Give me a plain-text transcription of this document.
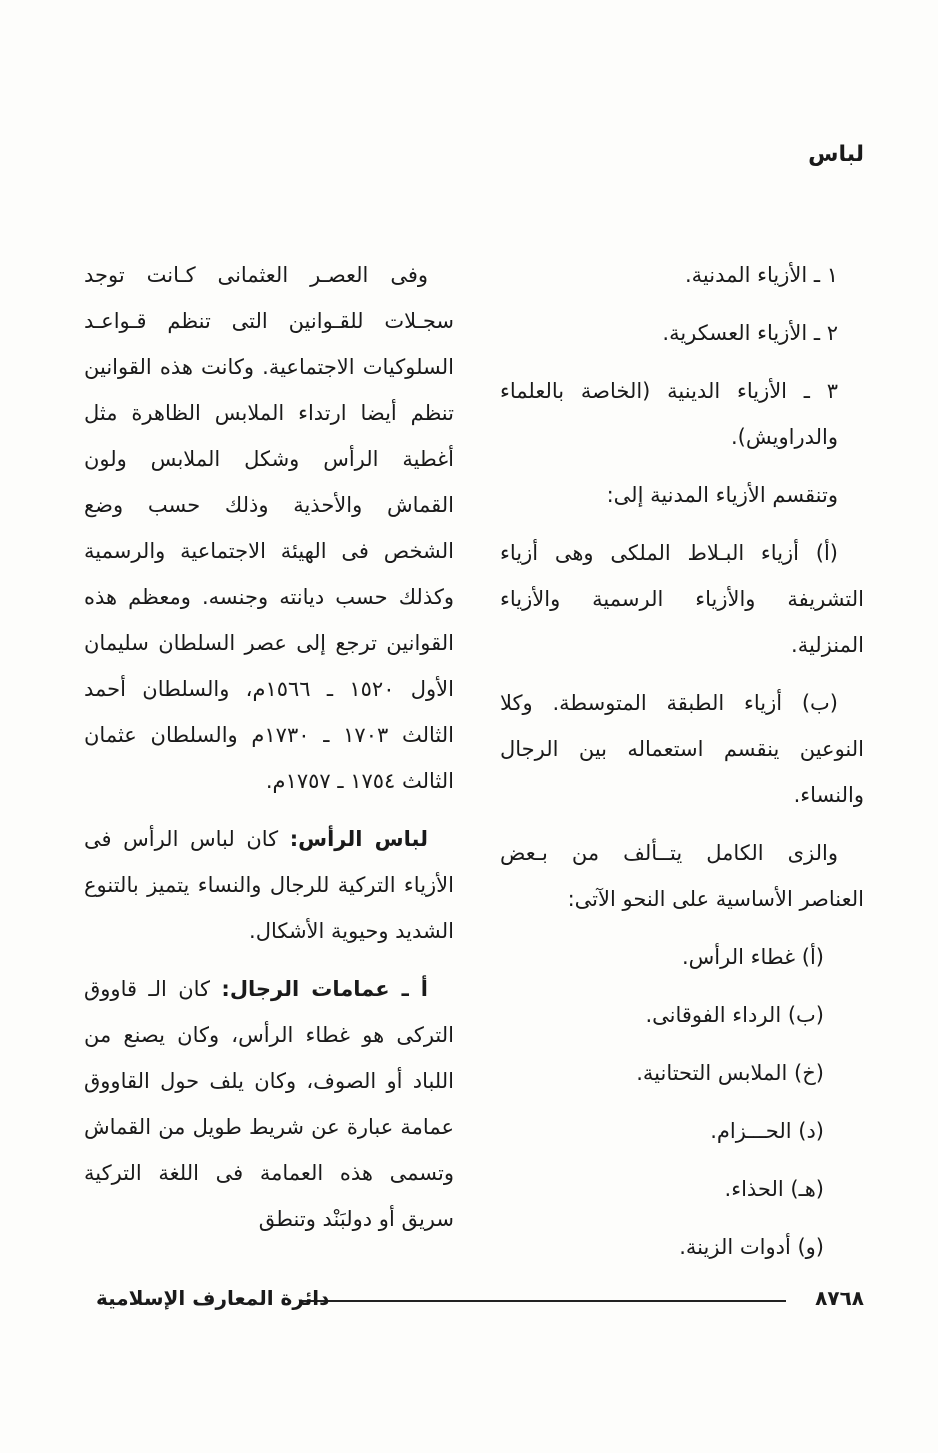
لباس

١ ـ الأزياء المدنية.

٢ ـ الأزياء العسكرية.

٣ ـ الأزياء الدينية (الخاصة بالعلماء والدراويش).

وتنقسم الأزياء المدنية إلى:

(أ) أزياء البـلاط الملكى وهى أزياء التشريفة والأزياء الرسمية والأزياء المنزلية.

(ب) أزياء الطبقة المتوسطة. وكلا النوعين ينقسم استعماله بين الرجال والنساء.

والزى الكامل يتــألف من بـعض العناصر الأساسية على النحو الآتى:

(أ) غطاء الرأس.

(ب) الرداء الفوقانى.

(خ) الملابس التحتانية.

(د) الحـــزام.

(هـ) الحذاء.

(و) أدوات الزينة.

وفى العصـر العثمانى كـانت توجد سجـلات للقـوانين التى تنظم قـواعـد السلوكيات الاجتماعية. وكانت هذه القوانين تنظم أيضا ارتداء الملابس الظاهرة مثل أغطية الرأس وشكل الملابس ولون القماش والأحذية وذلك حسب وضع الشخص فى الهيئة الاجتماعية والرسمية وكذلك حسب ديانته وجنسه. ومعظم هذه القوانين ترجع إلى عصر السلطان سليمان الأول ١٥٢٠ ـ ١٥٦٦م، والسلطان أحمد الثالث ١٧٠٣ ـ ١٧٣٠م والسلطان عثمان الثالث ١٧٥٤ ـ ١٧٥٧م.

لباس الرأس: كان لباس الرأس فى الأزياء التركية للرجال والنساء يتميز بالتنوع الشديد وحيوية الأشكال.

أ ـ عمامات الرجال: كان الـ قاووق التركى هو غطاء الرأس، وكان يصنع من اللباد أو الصوف، وكان يلف حول القاووق عمامة عبارة عن شريط طويل من القماش وتسمى هذه العمامة فى اللغة التركية سريق أو دولبَنْد وتنطق

٨٧٦٨
دائرة المعارف الإسلامية
